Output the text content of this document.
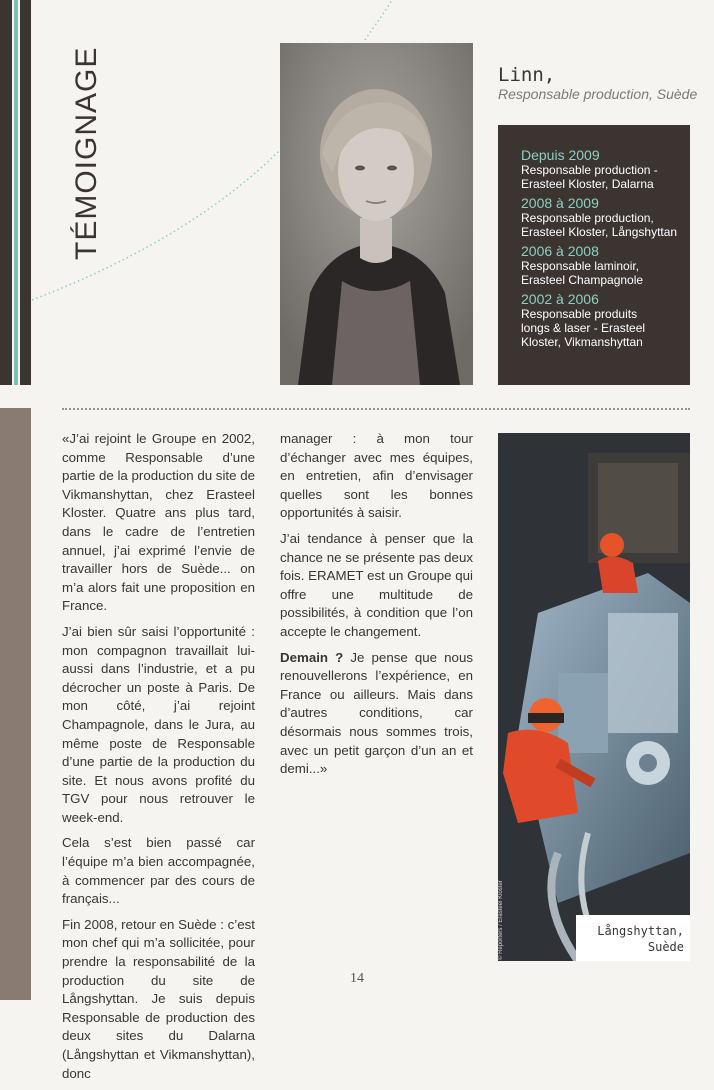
TÉMOIGNAGE	Linn,
Responsable production, Suède
Depuis 2009
Responsable production -
Erasteel Kloster, Dalarna
2008 à 2009
Responsable production,
Erasteel Kloster, Långshyttan
2006 à 2008
Responsable laminoir,
Erasteel Champagnole
2002 à 2006
Responsable produits
longs & laser - Erasteel
Kloster, Vikmanshyttan

«J’ai rejoint le Groupe en 2002, comme Responsable d’une partie de la production du site de Vikmanshyttan, chez Erasteel Kloster. Quatre ans plus tard, dans le cadre de l’entretien annuel, j’ai exprimé l’envie de travailler hors de Suède... on m’a alors fait une proposition en France.

J’ai bien sûr saisi l’opportunité : mon compagnon travaillait lui-aussi dans l’industrie, et a pu décrocher un poste à Paris. De mon côté, j’ai rejoint Champagnole, dans le Jura, au même poste de Responsable d’une partie de la production du site. Et nous avons profité du TGV pour nous retrouver le week-end.

Cela s’est bien passé car l’équipe m’a bien accompagnée, à commencer par des cours de français...

Fin 2008, retour en Suède : c’est mon chef qui m’a sollicitée, pour prendre la responsabilité de la production du site de Långshyttan. Je suis depuis Responsable de production des deux sites du Dalarna (Långshyttan et Vikmanshyttan), donc

manager : à mon tour d’échanger avec mes équipes, en entretien, afin d’envisager quelles sont les bonnes opportunités à saisir.

J’ai tendance à penser que la chance ne se présente pas deux fois. ERAMET est un Groupe qui offre une multitude de possibilités, à condition que l’on accepte le changement.

Demain ? Je pense que nous renouvellerons l’expérience, en France ou ailleurs. Mais dans d’autres conditions, car désormais nous sommes trois, avec un petit garçon d’un an et demi...»

© Reporters / Erasteel Kloster	Långshyttan,
Suède
14
